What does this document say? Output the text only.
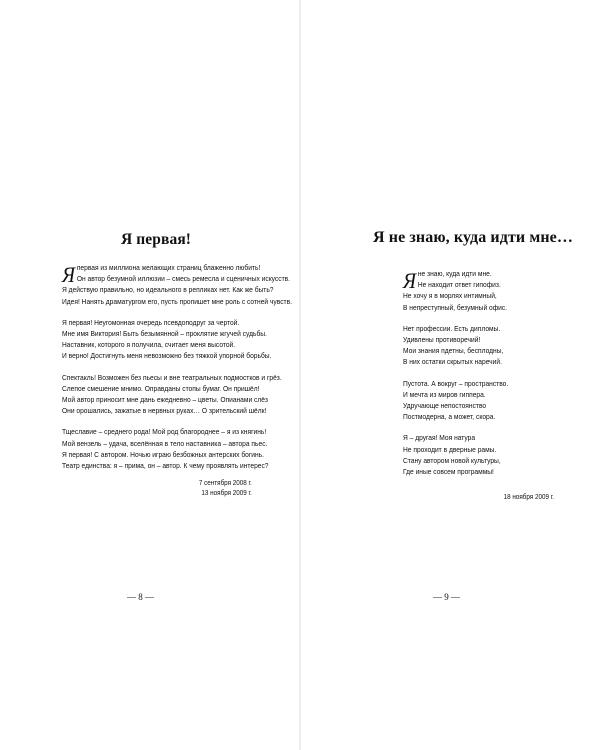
Я первая!
Я первая из миллиона желающих страниц блаженно любить!
Он автор безумной иллюзии – смесь ремесла и сценичных искусств.
Я действую правильно, но идеального в репликах нет. Как же быть?
Идея! Нанять драматургом его, пусть пропишет мне роль с сотней чувств.
Я первая! Неугомонная очередь псевдоподруг за чертой.
Мне имя Виктория! Быть безымянной – проклятие жгучей судьбы.
Наставник, которого я получила, считает меня высотой.
И верно! Достигнуть меня невозможно без тяжкой упорной борьбы.
Спектакль! Возможен без пьесы и вне театральных подмостков и грёз.
Слепое смешение мнимо. Оправданы стопы бумаг. Он пришёл!
Мой автор приносит мне дань ежедневно – цветы. Опианами слёз
Они орошались, зажатые в нервных руках… О зрительский шёлк!
Тщеславие – среднего рода! Мой род благороднее – я из княгинь!
Мой вензель – удача, вселённая в тело наставника – автора пьес.
Я первая! С автором. Ночью играю безбожных антерских богинь.
Театр единства: я – прима, он – автор. К чему проявлять интерес?
7 сентября 2008 г.
13 ноября 2009 г.
— 8 —
Я не знаю, куда идти мне…
Я не знаю, куда идти мне.
Не находит ответ гипофиз.
Не хочу я в морлях интимный,
В непреступный, безумный офис.
Нет профессии. Есть дипломы.
Удивлены противоречий!
Мои знания пдетны, бесплодны,
В них остатки скрытых наречий.
Пустота. А вокруг – пространство.
И мечта из миров гиппера.
Удручающе непостоянство
Постмодерна, а может, скора.
Я – другая! Моя натура
Не проходит в дверные рамы.
Стану автором новой культуры,
Где иные совсем программы!
18 ноября 2009 г.
— 9 —
